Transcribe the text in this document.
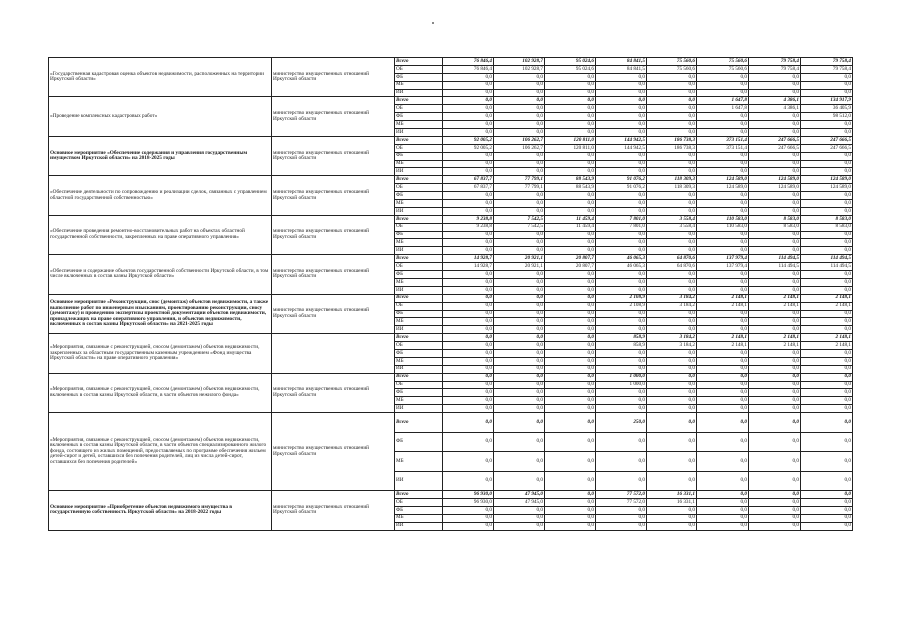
«Государственная кадастровая оценка объектов недвижимости, расположенных на территории Иркутской области»	министерство имущественных отношений Иркутской области	Всего	76 846,4	102 928,7	95 024,6	84 841,5	75 560,6	75 560,6	79 758,4	79 758,4
		ОБ	76 846,4	102 928,7	95 024,6	84 841,5	75 560,6	75 560,6	79 758,4	79 758,4
		ФБ	0,0	0,0	0,0	0,0	0,0	0,0	0,0	0,0
		МБ	0,0	0,0	0,0	0,0	0,0	0,0	0,0	0,0
		ИИ	0,0	0,0	0,0	0,0	0,0	0,0	0,0	0,0
«Проведение комплексных кадастровых работ»	министерство имущественных отношений Иркутской области	Всего	0,0	0,0	0,0	0,0	0,0	1 647,8	4 386,1	134 917,9
		ОБ	0,0	0,0	0,0	0,0	0,0	1 647,8	4 386,1	36 405,9
		ФБ	0,0	0,0	0,0	0,0	0,0	0,0	0,0	98 512,0
		МБ	0,0	0,0	0,0	0,0	0,0	0,0	0,0	0,0
		ИИ	0,0	0,0	0,0	0,0	0,0	0,0	0,0	0,0
Основное мероприятие «Обеспечение содержания и управления государственным имуществом Иркутской области» на 2018-2025 годы	министерство имущественных отношений Иркутской области	Всего	92 005,2	106 262,7	120 811,0	144 942,5	186 738,3	373 151,4	247 666,5	247 666,5
		ОБ	92 005,2	106 262,7	120 811,0	144 942,5	186 738,3	373 151,4	247 666,5	247 666,5
		ФБ	0,0	0,0	0,0	0,0	0,0	0,0	0,0	0,0
		МБ	0,0	0,0	0,0	0,0	0,0	0,0	0,0	0,0
		ИИ	0,0	0,0	0,0	0,0	0,0	0,0	0,0	0,0
«Обеспечение деятельности по сопровождению и реализации сделок, связанных с управлением областной государственной собственностью»	министерство имущественных отношений Иркутской области	Всего	67 837,7	77 799,1	88 543,9	91 076,2	118 309,3	124 589,0	124 589,0	124 589,0
		ОБ	67 837,7	77 799,1	88 543,9	91 076,2	118 309,3	124 589,0	124 589,0	124 589,0
		ФБ	0,0	0,0	0,0	0,0	0,0	0,0	0,0	0,0
		МБ	0,0	0,0	0,0	0,0	0,0	0,0	0,0	0,0
		ИИ	0,0	0,0	0,0	0,0	0,0	0,0	0,0	0,0
«Обеспечение проведения ремонтно-восстановительных работ на объектах областной государственной собственности, закрепленных на праве оперативного управления»	министерство имущественных отношений Иркутской области	Всего	9 238,8	7 542,5	11 459,4	7 801,0	3 558,4	110 583,0	8 583,0	8 583,0
		ОБ	9 238,8	7 542,5	11 459,4	7 801,0	3 558,4	110 583,0	8 583,0	8 583,0
		ФБ	0,0	0,0	0,0	0,0	0,0	0,0	0,0	0,0
		МБ	0,0	0,0	0,0	0,0	0,0	0,0	0,0	0,0
		ИИ	0,0	0,0	0,0	0,0	0,0	0,0	0,0	0,0
«Обеспечение и содержание объектов государственной собственности Иркутской области, в том числе включенных в состав казны Иркутской области»	министерство имущественных отношений Иркутской области	Всего	14 928,7	20 921,1	20 807,7	46 065,3	64 870,6	137 979,4	114 494,5	114 494,5
		ОБ	14 928,7	20 921,1	20 807,7	46 065,3	64 870,6	137 979,4	114 494,5	114 494,5
		ФБ	0,0	0,0	0,0	0,0	0,0	0,0	0,0	0,0
		МБ	0,0	0,0	0,0	0,0	0,0	0,0	0,0	0,0
		ИИ	0,0	0,0	0,0	0,0	0,0	0,0	0,0	0,0
Основное мероприятие «Реконструкция, снос (демонтаж) объектов недвижимости, а также выполнение работ по инженерным изысканиям, проектированию реконструкции, сносу (демонтажу) и проведению экспертизы проектной документации объектов недвижимости, принадлежащих на праве оперативного управления, и объектов недвижимости, включенных в состав казны Иркутской области» на 2021-2025 годы	министерство имущественных отношений Иркутской области	Всего	0,0	0,0	0,0	2 108,9	3 184,2	2 148,1	2 148,1	2 148,1
		ОБ	0,0	0,0	0,0	2 108,9	3 184,2	2 148,1	2 148,1	2 148,1
		ФБ	0,0	0,0	0,0	0,0	0,0	0,0	0,0	0,0
		МБ	0,0	0,0	0,0	0,0	0,0	0,0	0,0	0,0
		ИИ	0,0	0,0	0,0	0,0	0,0	0,0	0,0	0,0
«Мероприятия, связанные с реконструкцией, сносом (демонтажем) объектов недвижимости, закрепленных за областным государственным казенным учреждением «Фонд имущества Иркутской области» на праве оперативного управления»		Всего	0,0	0,0	0,0	858,9	3 184,2	2 148,1	2 148,1	2 148,1
		ОБ	0,0	0,0	0,0	858,9	3 184,2	2 148,1	2 148,1	2 148,1
		ФБ	0,0	0,0	0,0	0,0	0,0	0,0	0,0	0,0
		МБ	0,0	0,0	0,0	0,0	0,0	0,0	0,0	0,0
		ИИ	0,0	0,0	0,0	0,0	0,0	0,0	0,0	0,0
«Мероприятия, связанные с реконструкцией, сносом (демонтажем) объектов недвижимости, включенных в состав казны Иркутской области, в части объектов нежилого фонда»	министерство имущественных отношений Иркутской области	Всего	0,0	0,0	0,0	1 000,0	0,0	0,0	0,0	0,0
		ОБ	0,0	0,0	0,0	1 000,0	0,0	0,0	0,0	0,0
		ФБ	0,0	0,0	0,0	0,0	0,0	0,0	0,0	0,0
		МБ	0,0	0,0	0,0	0,0	0,0	0,0	0,0	0,0
		ИИ	0,0	0,0	0,0	0,0	0,0	0,0	0,0	0,0
«Мероприятия, связанные с реконструкцией, сносом (демонтажем) объектов недвижимости, включенных в состав казны Иркутской области, в части объектов специализированного жилого фонда, состоящего из жилых помещений, предоставляемых по программе обеспечения жильем детей-сирот и детей, оставшихся без попечения родителей, лиц из числа детей-сирот, оставшихся без попечения родителей»	министерство имущественных отношений Иркутской области	Всего	0,0	0,0	0,0	250,0	0,0	0,0	0,0	0,0
		ФБ	0,0	0,0	0,0	0,0	0,0	0,0	0,0	0,0
		МБ	0,0	0,0	0,0	0,0	0,0	0,0	0,0	0,0
		ИИ	0,0	0,0	0,0	0,0	0,0	0,0	0,0	0,0
Основное мероприятие «Приобретение объектов недвижимого имущества в государственную собственность Иркутской области» на 2018-2022 годы	министерство имущественных отношений Иркутской области	Всего	96 930,0	47 945,0	0,0	77 572,0	16 331,1	0,0	0,0	0,0
		ОБ	96 930,0	47 945,0	0,0	77 572,0	16 331,1	0,0	0,0	0,0
		ФБ	0,0	0,0	0,0	0,0	0,0	0,0	0,0	0,0
		МБ	0,0	0,0	0,0	0,0	0,0	0,0	0,0	0,0
		ИИ	0,0	0,0	0,0	0,0	0,0	0,0	0,0	0,0
